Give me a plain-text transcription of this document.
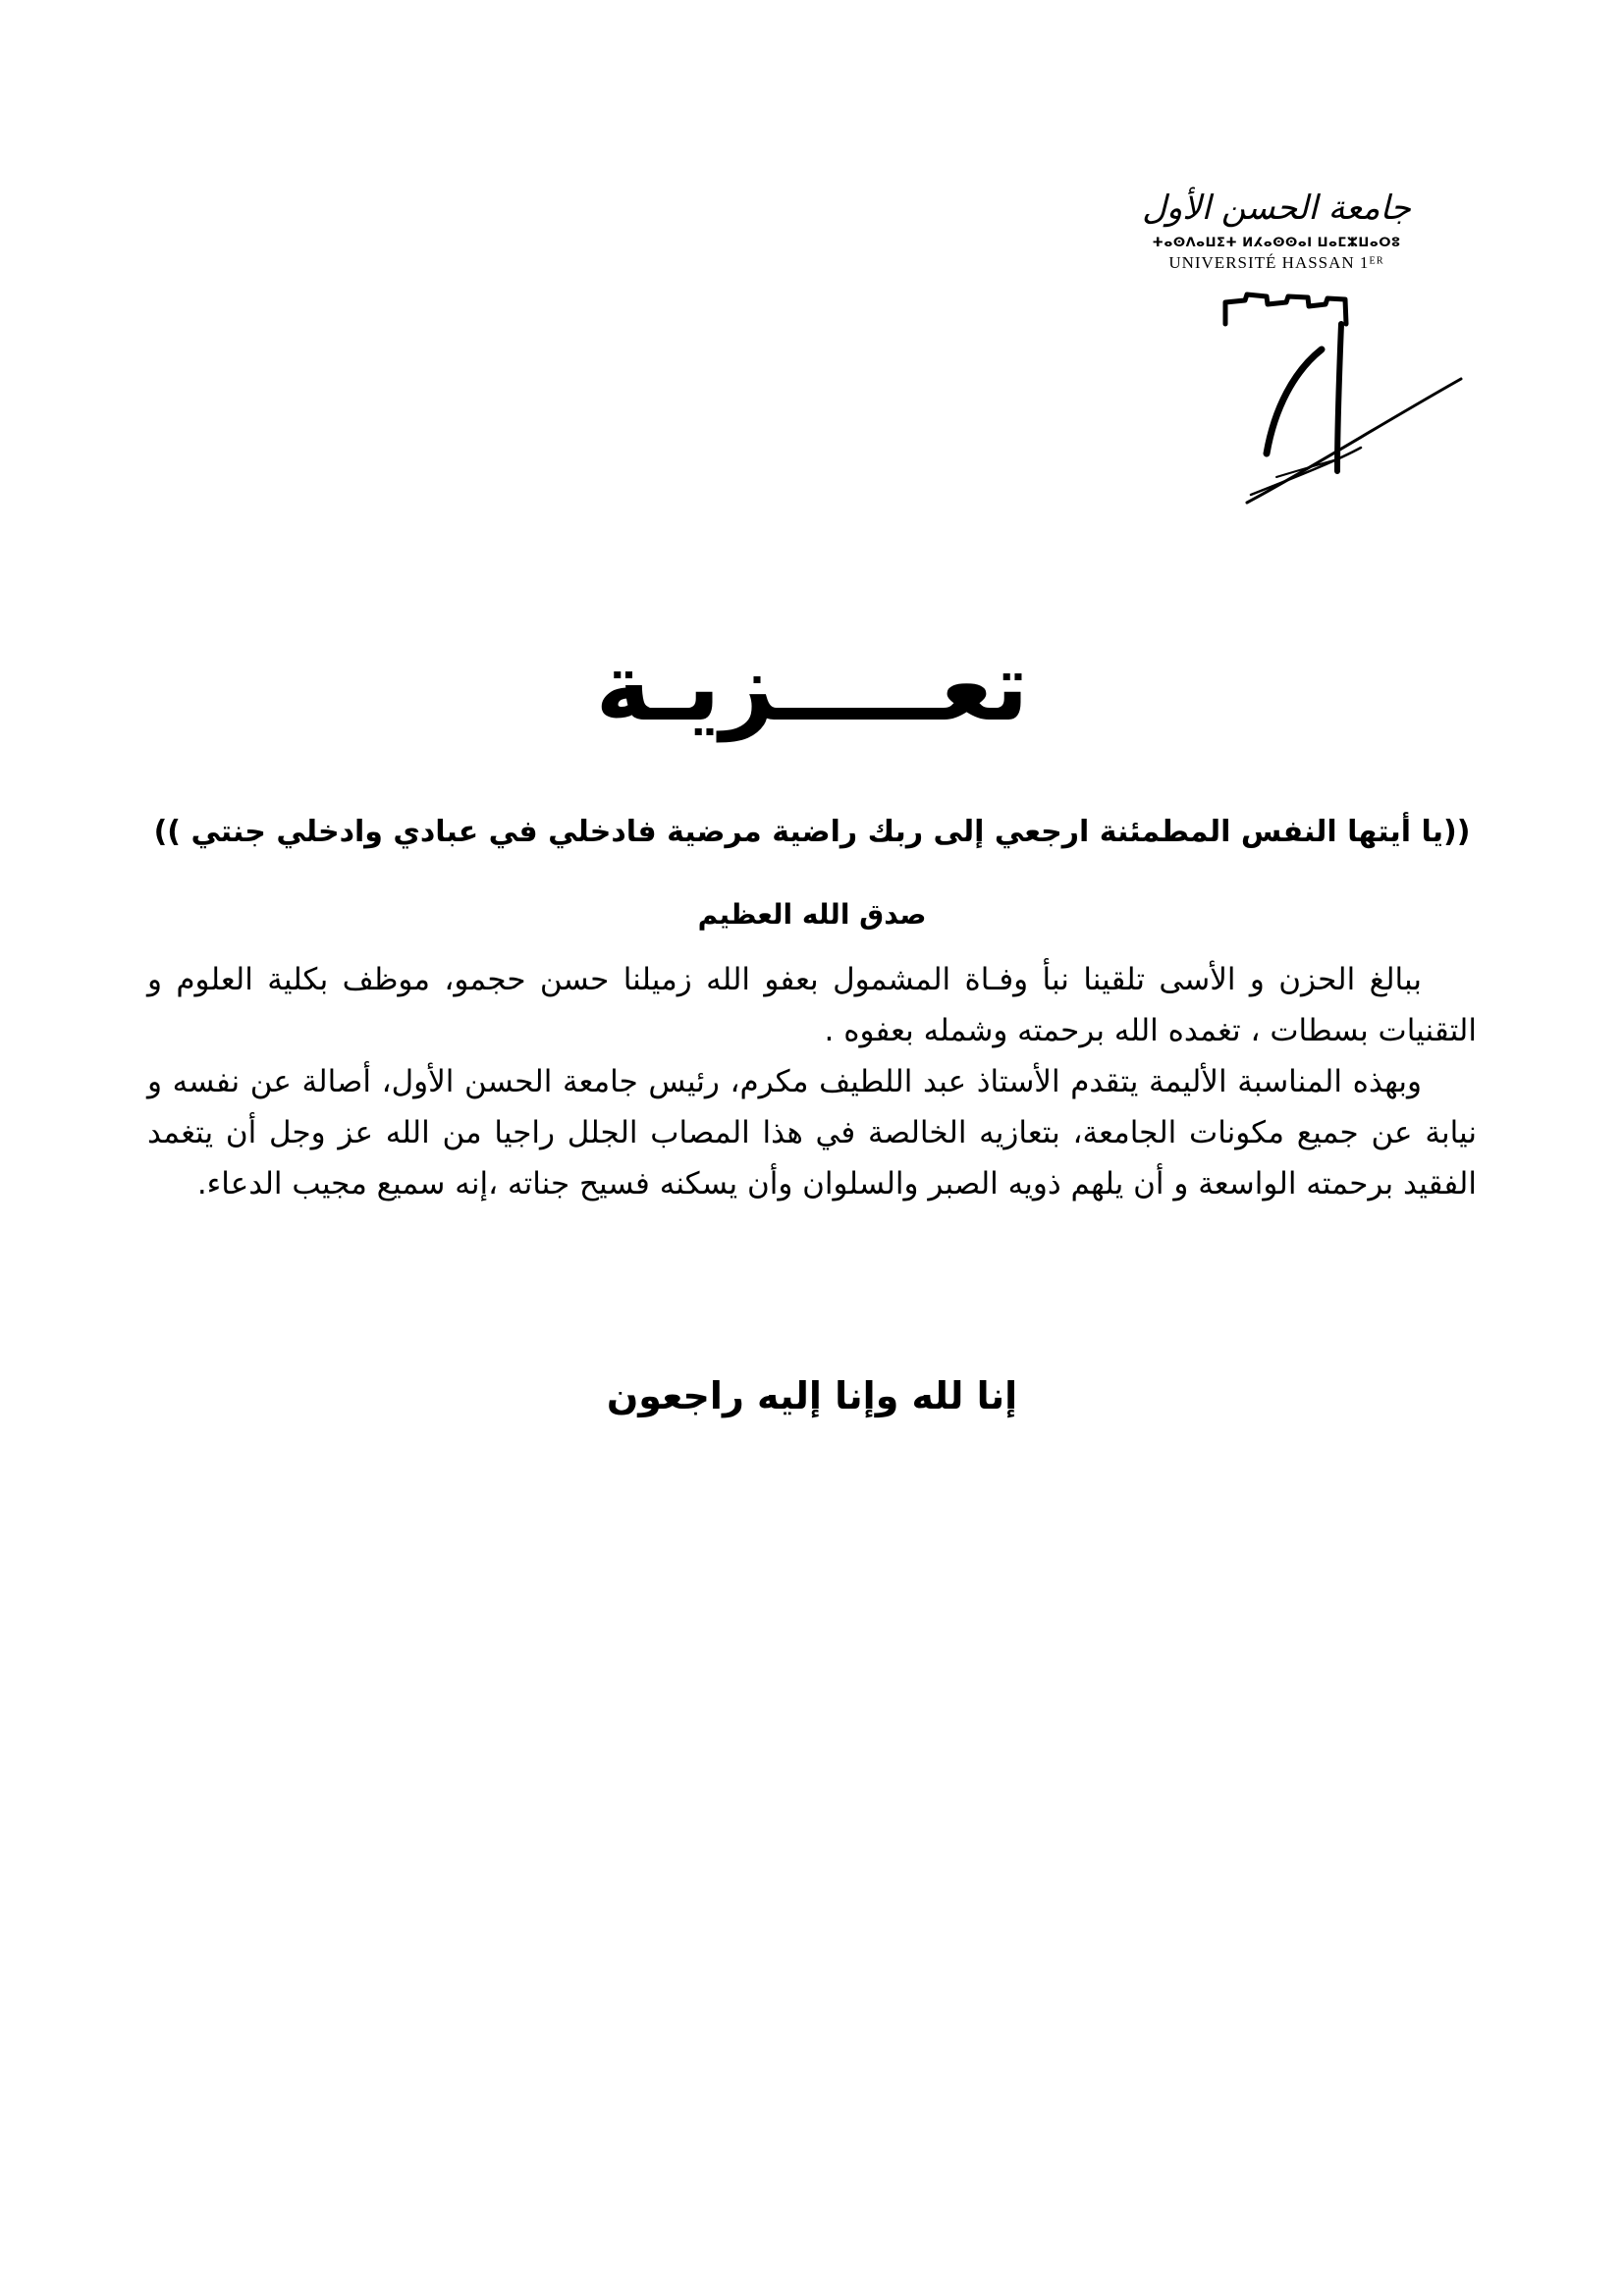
جامعة الحسن الأول
ⵜⴰⵙⴷⴰⵡⵉⵜ ⵍⵃⴰⵙⵙⴰⵏ ⵡⴰⵎⵣⵡⴰⵔⵓ
UNIVERSITÉ HASSAN 1ᴱᴿ
تعـــــزيـة
((يا أيتها النفس المطمئنة ارجعي إلى ربك راضية مرضية فادخلي في عبادي وادخلي جنتي ))
صدق الله العظيم

ببالغ الحزن و الأسى تلقينا نبأ وفـاة المشمول بعفو الله زميلنا حسن حجمو، موظف بكلية العلوم و التقنيات بسطات ، تغمده الله برحمته وشمله بعفوه .

وبهذه المناسبة الأليمة يتقدم الأستاذ عبد اللطيف مكرم، رئيس جامعة الحسن الأول، أصالة عن نفسه و نيابة عن جميع مكونات الجامعة، بتعازيه الخالصة في هذا المصاب الجلل راجيا من الله عز وجل أن يتغمد الفقيد برحمته الواسعة و أن يلهم ذويه الصبر والسلوان وأن يسكنه فسيح جناته ،إنه سميع مجيب الدعاء.

إنا لله وإنا إليه راجعون
